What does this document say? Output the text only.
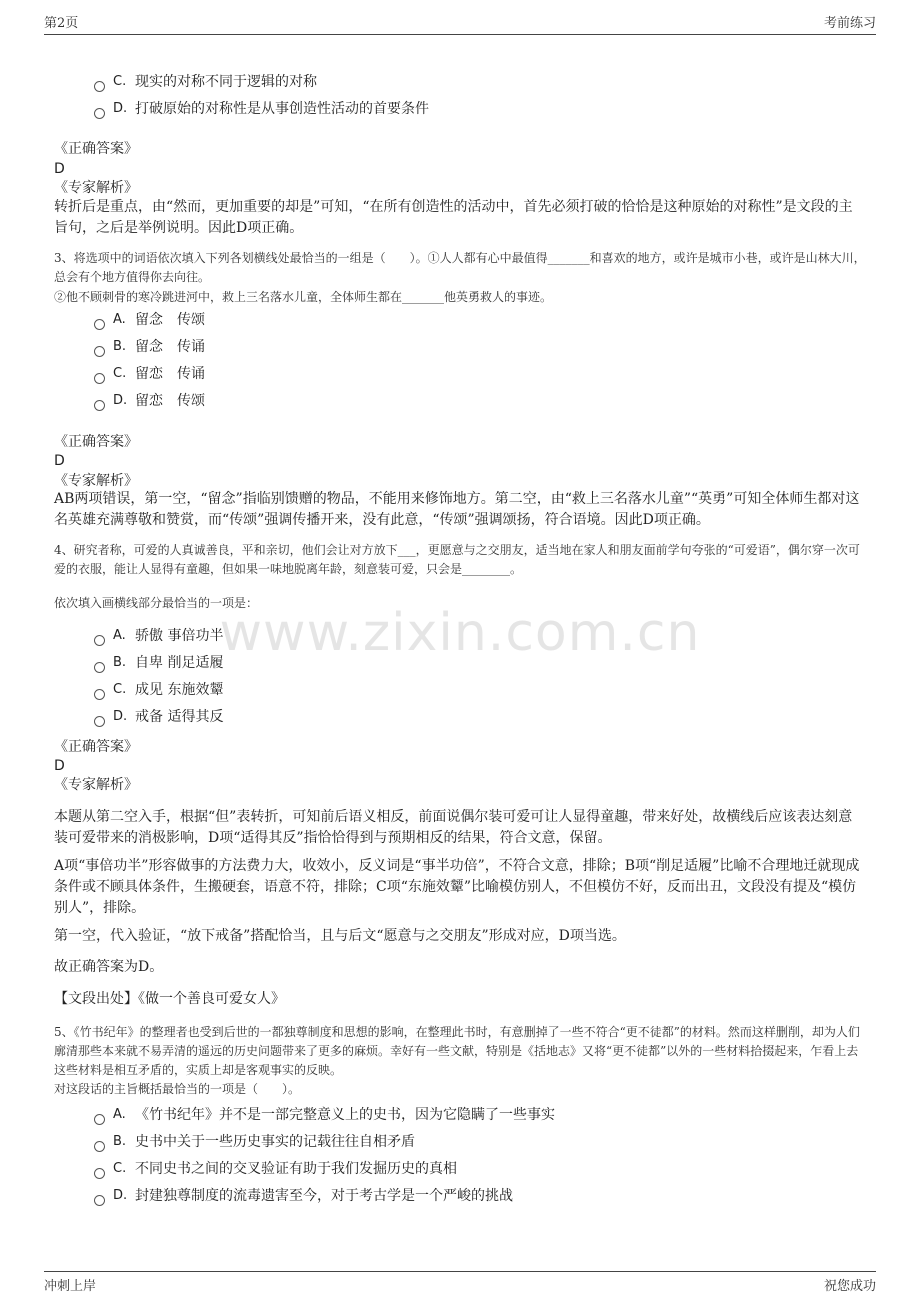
第2页	考前练习
www.zixin.com.cn
C. 现实的对称不同于逻辑的对称
D. 打破原始的对称性是从事创造性活动的首要条件
《正确答案》
D
《专家解析》
转折后是重点，由“然而，更加重要的却是”可知，“在所有创造性的活动中，首先必须打破的恰恰是这种原始的对称性”是文段的主旨句，之后是举例说明。因此D项正确。
3、将选项中的词语依次填入下列各划横线处最恰当的一组是（　　）。①人人都有心中最值得_______和喜欢的地方，或许是城市小巷，或许是山林大川，总会有个地方值得你去向往。
②他不顾刺骨的寒冷跳进河中，救上三名落水儿童，全体师生都在_______他英勇救人的事迹。
A. 留念　传颂
B. 留念　传诵
C. 留恋　传诵
D. 留恋　传颂
《正确答案》
D
《专家解析》
AB两项错误，第一空，“留念”指临别馈赠的物品，不能用来修饰地方。第二空，由“救上三名落水儿童”“英勇”可知全体师生都对这名英雄充满尊敬和赞赏，而“传颂”强调传播开来，没有此意，“传颂”强调颂扬，符合语境。因此D项正确。
4、研究者称，可爱的人真诚善良，平和亲切，他们会让对方放下___，更愿意与之交朋友，适当地在家人和朋友面前学句夸张的“可爱语”，偶尔穿一次可爱的衣服，能让人显得有童趣，但如果一味地脱离年龄，刻意装可爱，只会是________。
依次填入画横线部分最恰当的一项是：
A. 骄傲 事倍功半
B. 自卑 削足适履
C. 成见 东施效颦
D. 戒备 适得其反
《正确答案》
D
《专家解析》
本题从第二空入手，根据“但”表转折，可知前后语义相反，前面说偶尔装可爱可让人显得童趣，带来好处，故横线后应该表达刻意装可爱带来的消极影响，D项“适得其反”指恰恰得到与预期相反的结果，符合文意，保留。
A项“事倍功半”形容做事的方法费力大，收效小，反义词是“事半功倍”，不符合文意，排除；B项“削足适履”比喻不合理地迁就现成条件或不顾具体条件，生搬硬套，语意不符，排除；C项“东施效颦”比喻模仿别人，不但模仿不好，反而出丑，文段没有提及“模仿别人”，排除。
第一空，代入验证，“放下戒备”搭配恰当，且与后文“愿意与之交朋友”形成对应，D项当选。
故正确答案为D。
【文段出处】《做一个善良可爱女人》
5、《竹书纪年》的整理者也受到后世的一都独尊制度和思想的影响，在整理此书时，有意删掉了一些不符合“更不徒都”的材料。然而这样删削，却为人们廓清那些本来就不易弄清的遥远的历史问题带来了更多的麻烦。幸好有一些文献，特别是《括地志》又将“更不徒都”以外的一些材料拾掇起来，乍看上去这些材料是相互矛盾的，实质上却是客观事实的反映。
对这段话的主旨概括最恰当的一项是（　　）。
A. 《竹书纪年》并不是一部完整意义上的史书，因为它隐瞒了一些事实
B. 史书中关于一些历史事实的记载往往自相矛盾
C. 不同史书之间的交叉验证有助于我们发掘历史的真相
D. 封建独尊制度的流毒遗害至今，对于考古学是一个严峻的挑战
冲刺上岸	祝您成功
